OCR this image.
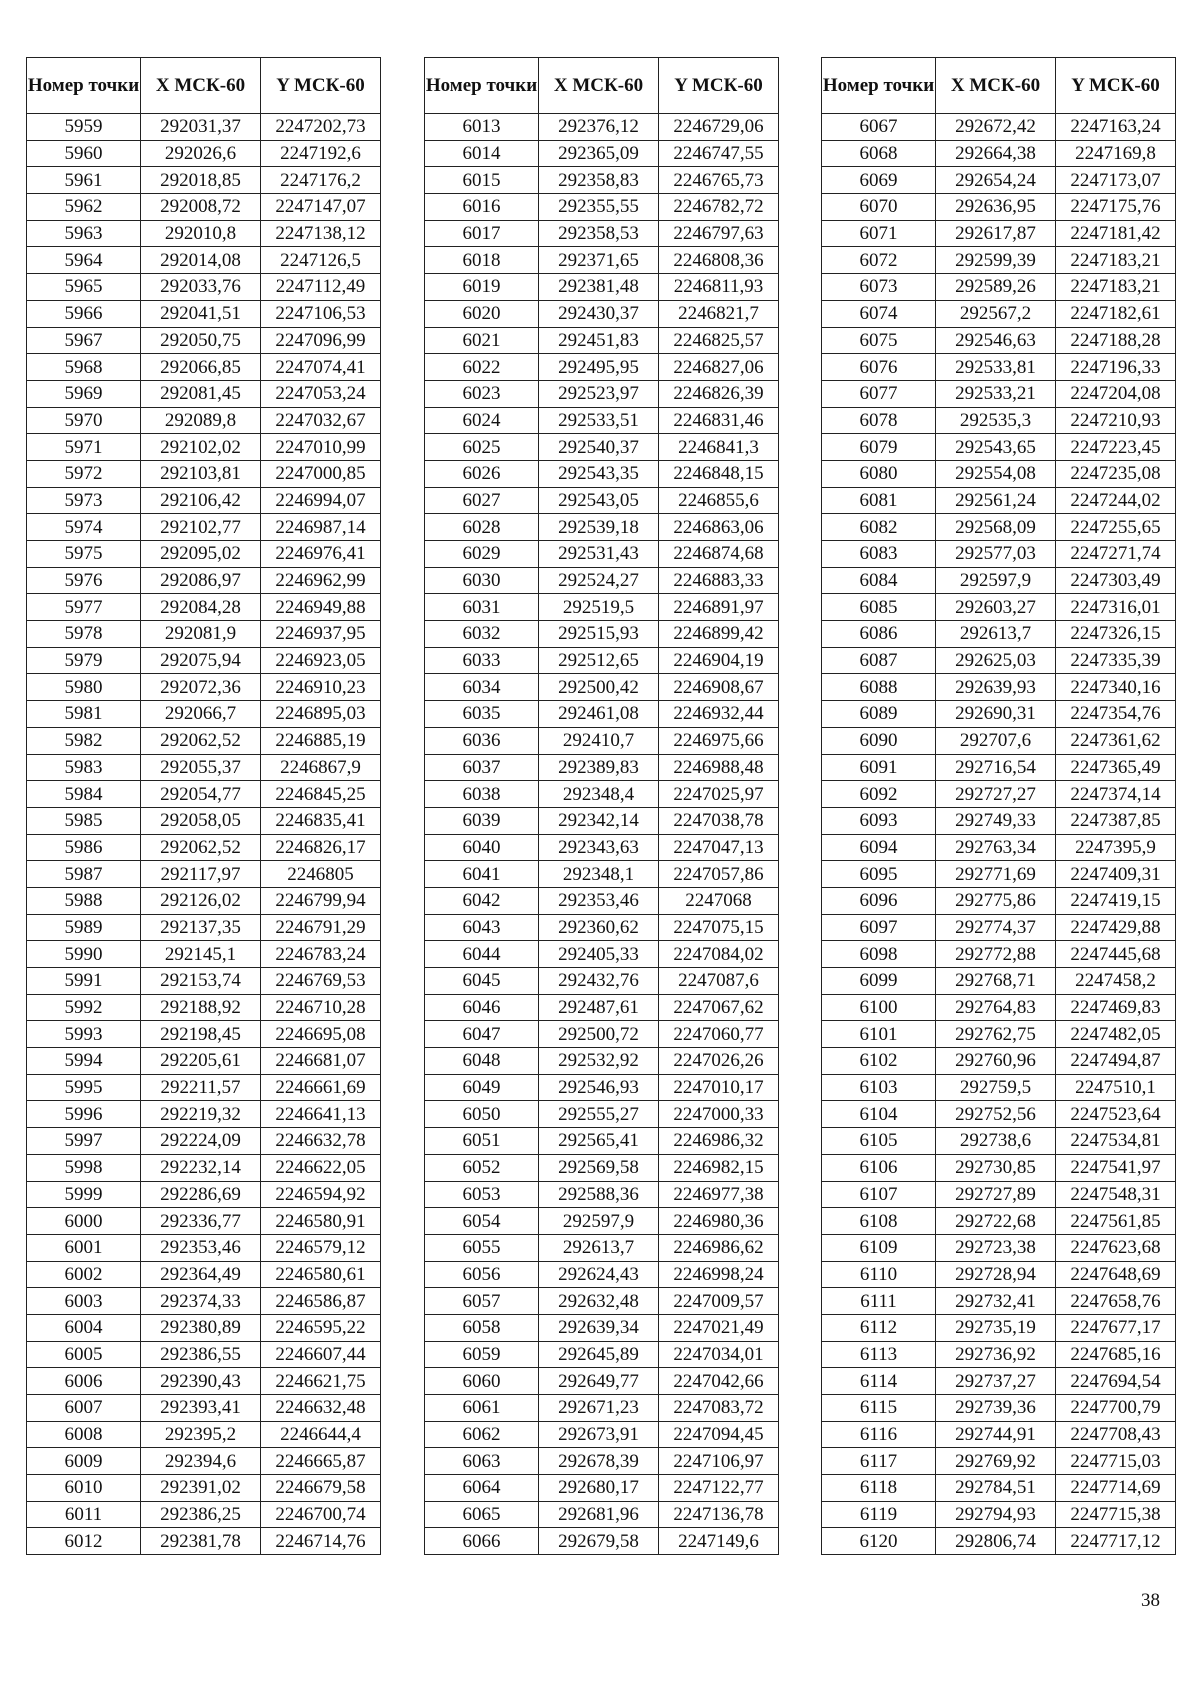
Номер точки	X МСК-60	Y МСК-60
5959	292031,37	2247202,73
5960	292026,6	2247192,6
5961	292018,85	2247176,2
5962	292008,72	2247147,07
5963	292010,8	2247138,12
5964	292014,08	2247126,5
5965	292033,76	2247112,49
5966	292041,51	2247106,53
5967	292050,75	2247096,99
5968	292066,85	2247074,41
5969	292081,45	2247053,24
5970	292089,8	2247032,67
5971	292102,02	2247010,99
5972	292103,81	2247000,85
5973	292106,42	2246994,07
5974	292102,77	2246987,14
5975	292095,02	2246976,41
5976	292086,97	2246962,99
5977	292084,28	2246949,88
5978	292081,9	2246937,95
5979	292075,94	2246923,05
5980	292072,36	2246910,23
5981	292066,7	2246895,03
5982	292062,52	2246885,19
5983	292055,37	2246867,9
5984	292054,77	2246845,25
5985	292058,05	2246835,41
5986	292062,52	2246826,17
5987	292117,97	2246805
5988	292126,02	2246799,94
5989	292137,35	2246791,29
5990	292145,1	2246783,24
5991	292153,74	2246769,53
5992	292188,92	2246710,28
5993	292198,45	2246695,08
5994	292205,61	2246681,07
5995	292211,57	2246661,69
5996	292219,32	2246641,13
5997	292224,09	2246632,78
5998	292232,14	2246622,05
5999	292286,69	2246594,92
6000	292336,77	2246580,91
6001	292353,46	2246579,12
6002	292364,49	2246580,61
6003	292374,33	2246586,87
6004	292380,89	2246595,22
6005	292386,55	2246607,44
6006	292390,43	2246621,75
6007	292393,41	2246632,48
6008	292395,2	2246644,4
6009	292394,6	2246665,87
6010	292391,02	2246679,58
6011	292386,25	2246700,74
6012	292381,78	2246714,76
Номер точки	X МСК-60	Y МСК-60
6013	292376,12	2246729,06
6014	292365,09	2246747,55
6015	292358,83	2246765,73
6016	292355,55	2246782,72
6017	292358,53	2246797,63
6018	292371,65	2246808,36
6019	292381,48	2246811,93
6020	292430,37	2246821,7
6021	292451,83	2246825,57
6022	292495,95	2246827,06
6023	292523,97	2246826,39
6024	292533,51	2246831,46
6025	292540,37	2246841,3
6026	292543,35	2246848,15
6027	292543,05	2246855,6
6028	292539,18	2246863,06
6029	292531,43	2246874,68
6030	292524,27	2246883,33
6031	292519,5	2246891,97
6032	292515,93	2246899,42
6033	292512,65	2246904,19
6034	292500,42	2246908,67
6035	292461,08	2246932,44
6036	292410,7	2246975,66
6037	292389,83	2246988,48
6038	292348,4	2247025,97
6039	292342,14	2247038,78
6040	292343,63	2247047,13
6041	292348,1	2247057,86
6042	292353,46	2247068
6043	292360,62	2247075,15
6044	292405,33	2247084,02
6045	292432,76	2247087,6
6046	292487,61	2247067,62
6047	292500,72	2247060,77
6048	292532,92	2247026,26
6049	292546,93	2247010,17
6050	292555,27	2247000,33
6051	292565,41	2246986,32
6052	292569,58	2246982,15
6053	292588,36	2246977,38
6054	292597,9	2246980,36
6055	292613,7	2246986,62
6056	292624,43	2246998,24
6057	292632,48	2247009,57
6058	292639,34	2247021,49
6059	292645,89	2247034,01
6060	292649,77	2247042,66
6061	292671,23	2247083,72
6062	292673,91	2247094,45
6063	292678,39	2247106,97
6064	292680,17	2247122,77
6065	292681,96	2247136,78
6066	292679,58	2247149,6
Номер точки	X МСК-60	Y МСК-60
6067	292672,42	2247163,24
6068	292664,38	2247169,8
6069	292654,24	2247173,07
6070	292636,95	2247175,76
6071	292617,87	2247181,42
6072	292599,39	2247183,21
6073	292589,26	2247183,21
6074	292567,2	2247182,61
6075	292546,63	2247188,28
6076	292533,81	2247196,33
6077	292533,21	2247204,08
6078	292535,3	2247210,93
6079	292543,65	2247223,45
6080	292554,08	2247235,08
6081	292561,24	2247244,02
6082	292568,09	2247255,65
6083	292577,03	2247271,74
6084	292597,9	2247303,49
6085	292603,27	2247316,01
6086	292613,7	2247326,15
6087	292625,03	2247335,39
6088	292639,93	2247340,16
6089	292690,31	2247354,76
6090	292707,6	2247361,62
6091	292716,54	2247365,49
6092	292727,27	2247374,14
6093	292749,33	2247387,85
6094	292763,34	2247395,9
6095	292771,69	2247409,31
6096	292775,86	2247419,15
6097	292774,37	2247429,88
6098	292772,88	2247445,68
6099	292768,71	2247458,2
6100	292764,83	2247469,83
6101	292762,75	2247482,05
6102	292760,96	2247494,87
6103	292759,5	2247510,1
6104	292752,56	2247523,64
6105	292738,6	2247534,81
6106	292730,85	2247541,97
6107	292727,89	2247548,31
6108	292722,68	2247561,85
6109	292723,38	2247623,68
6110	292728,94	2247648,69
6111	292732,41	2247658,76
6112	292735,19	2247677,17
6113	292736,92	2247685,16
6114	292737,27	2247694,54
6115	292739,36	2247700,79
6116	292744,91	2247708,43
6117	292769,92	2247715,03
6118	292784,51	2247714,69
6119	292794,93	2247715,38
6120	292806,74	2247717,12
38
